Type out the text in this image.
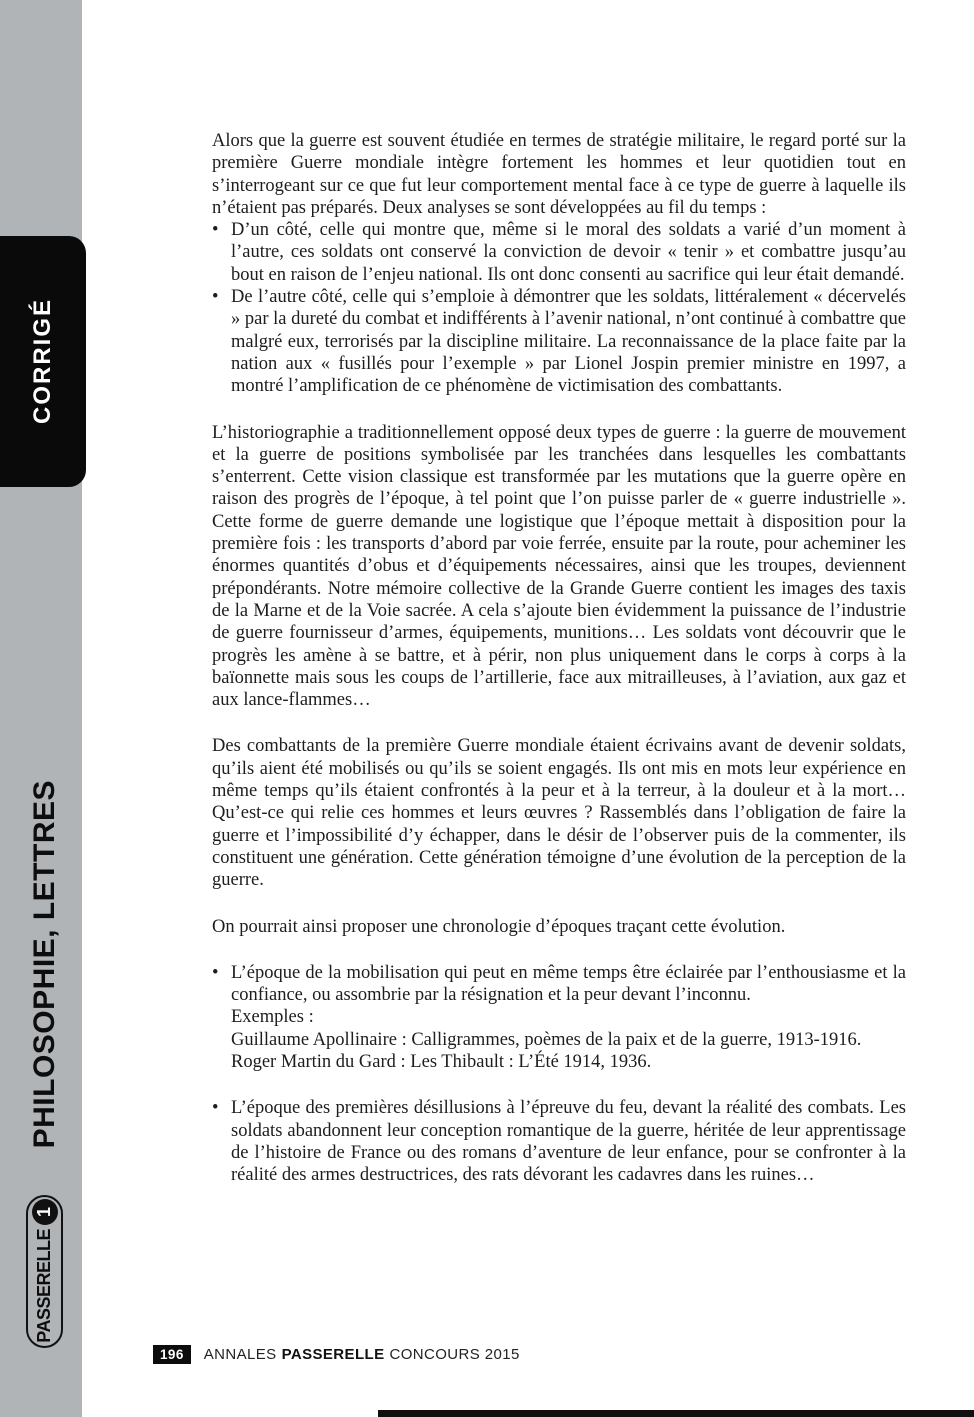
CORRIGÉ
PHILOSOPHIE, LETTRES
1
PASSERELLE
Alors que la guerre est souvent étudiée en termes de stratégie militaire, le regard porté sur la première Guerre mondiale intègre fortement les hommes et leur quotidien tout en s’interrogeant sur ce que fut leur comportement mental face à ce type de guerre à laquelle ils n’étaient pas préparés. Deux analyses se sont développées au fil du temps :
• D’un côté, celle qui montre que, même si le moral des soldats a varié d’un moment à l’autre, ces soldats ont conservé la conviction de devoir « tenir » et combattre jusqu’au bout en raison de l’enjeu national. Ils ont donc consenti au sacrifice qui leur était demandé.
• De l’autre côté, celle qui s’emploie à démontrer que les soldats, littéralement « décervelés » par la dureté du combat et indifférents à l’avenir national, n’ont continué à combattre que malgré eux, terrorisés par la discipline militaire. La reconnaissance de la place faite par la nation aux « fusillés pour l’exemple » par Lionel Jospin premier ministre en 1997, a montré l’amplification de ce phénomène de victimisation des combattants.
L’historiographie a traditionnellement opposé deux types de guerre : la guerre de mouvement et la guerre de positions symbolisée par les tranchées dans lesquelles les combattants s’enterrent. Cette vision classique est transformée par les mutations que la guerre opère en raison des progrès de l’époque, à tel point que l’on puisse parler de « guerre industrielle ». Cette forme de guerre demande une logistique que l’époque mettait à disposition pour la première fois : les transports d’abord par voie ferrée, ensuite par la route, pour acheminer les énormes quantités d’obus et d’équipements nécessaires, ainsi que les troupes, deviennent prépondérants. Notre mémoire collective de la Grande Guerre contient les images des taxis de la Marne et de la Voie sacrée. A cela s’ajoute bien évidemment la puissance de l’industrie de guerre fournisseur d’armes, équipements, munitions… Les soldats vont découvrir que le progrès les amène à se battre, et à périr, non plus uniquement dans le corps à corps à la baïonnette mais sous les coups de l’artillerie, face aux mitrailleuses, à l’aviation, aux gaz et aux lance-flammes…
Des combattants de la première Guerre mondiale étaient écrivains avant de devenir soldats, qu’ils aient été mobilisés ou qu’ils se soient engagés. Ils ont mis en mots leur expérience en même temps qu’ils étaient confrontés à la peur et à la terreur, à la douleur et à la mort… Qu’est-ce qui relie ces hommes et leurs œuvres ? Rassemblés dans l’obligation de faire la guerre et l’impossibilité d’y échapper, dans le désir de l’observer puis de la commenter, ils constituent une génération. Cette génération témoigne d’une évolution de la perception de la guerre.
On pourrait ainsi proposer une chronologie d’époques traçant cette évolution.
• L’époque de la mobilisation qui peut en même temps être éclairée par l’enthousiasme et la confiance, ou assombrie par la résignation et la peur devant l’inconnu.
Exemples :
Guillaume Apollinaire : Calligrammes, poèmes de la paix et de la guerre, 1913-1916.
Roger Martin du Gard : Les Thibault : L’Été 1914, 1936.
• L’époque des premières désillusions à l’épreuve du feu, devant la réalité des combats. Les soldats abandonnent leur conception romantique de la guerre, héritée de leur apprentissage de l’histoire de France ou des romans d’aventure de leur enfance, pour se confronter à la réalité des armes destructrices, des rats dévorant les cadavres dans les ruines…
196	ANNALES PASSERELLE CONCOURS 2015
